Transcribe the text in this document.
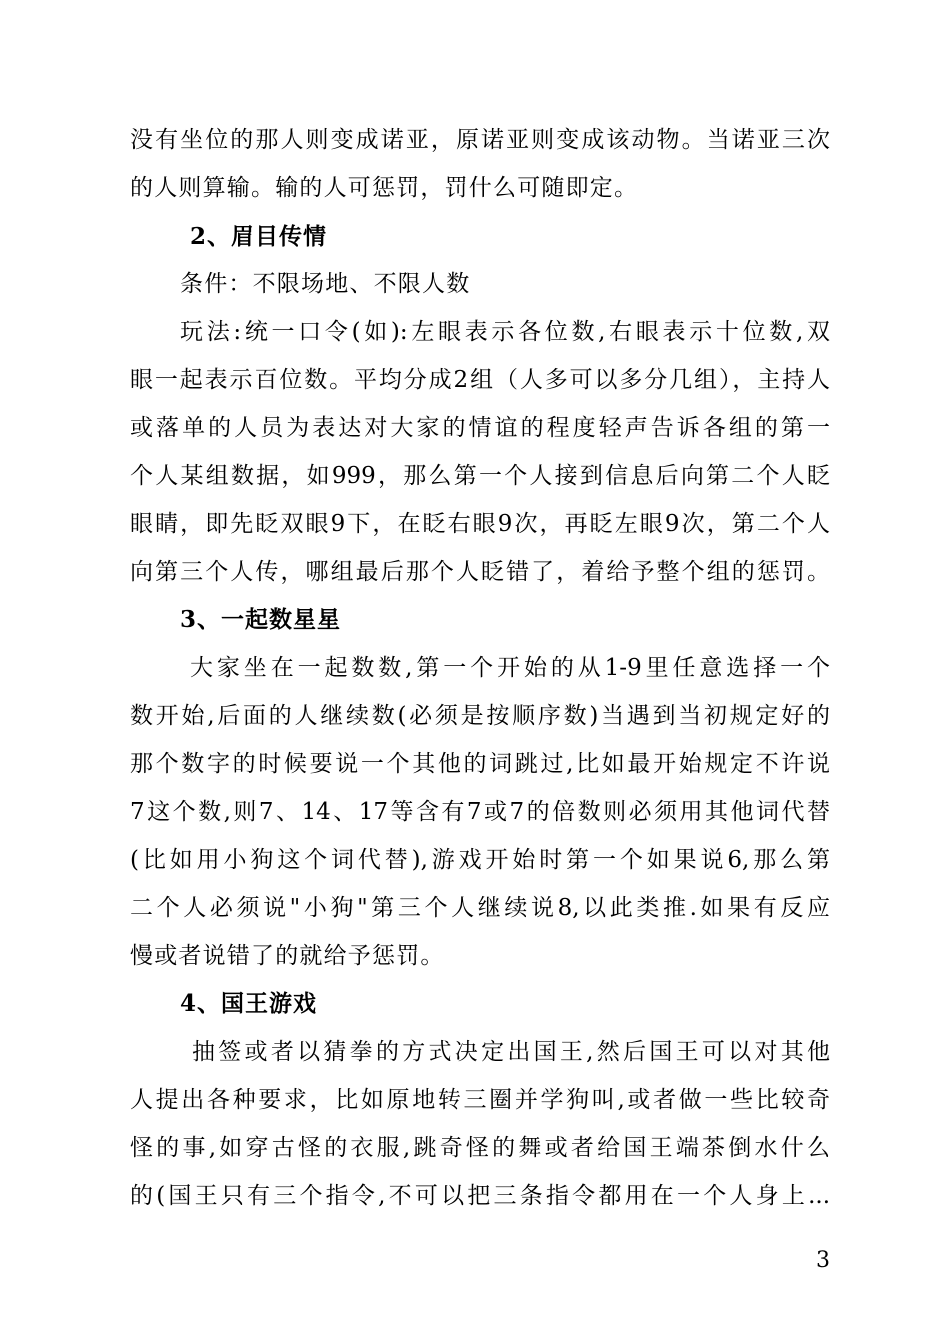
没有坐位的那人则变成诺亚，原诺亚则变成该动物。当诺亚三次
的人则算输。输的人可惩罚，罚什么可随即定。
2、眉目传情
条件：不限场地、不限人数
玩法:统一口令(如):左眼表示各位数,右眼表示十位数,双
眼一起表示百位数。平均分成2组（人多可以多分几组），主持人
或落单的人员为表达对大家的情谊的程度轻声告诉各组的第一
个人某组数据，如999，那么第一个人接到信息后向第二个人眨
眼睛，即先眨双眼9下，在眨右眼9次，再眨左眼9次，第二个人
向第三个人传，哪组最后那个人眨错了，着给予整个组的惩罚。
3、一起数星星
大家坐在一起数数,第一个开始的从1-9里任意选择一个
数开始,后面的人继续数(必须是按顺序数)当遇到当初规定好的
那个数字的时候要说一个其他的词跳过,比如最开始规定不许说
7这个数,则7、14、17等含有7或7的倍数则必须用其他词代替
(比如用小狗这个词代替),游戏开始时第一个如果说6,那么第
二个人必须说"小狗"第三个人继续说8,以此类推.如果有反应
慢或者说错了的就给予惩罚。
4、国王游戏
抽签或者以猜拳的方式决定出国王,然后国王可以对其他
人提出各种要求，比如原地转三圈并学狗叫,或者做一些比较奇
怪的事,如穿古怪的衣服,跳奇怪的舞或者给国王端茶倒水什么
的(国王只有三个指令,不可以把三条指令都用在一个人身上...
3
